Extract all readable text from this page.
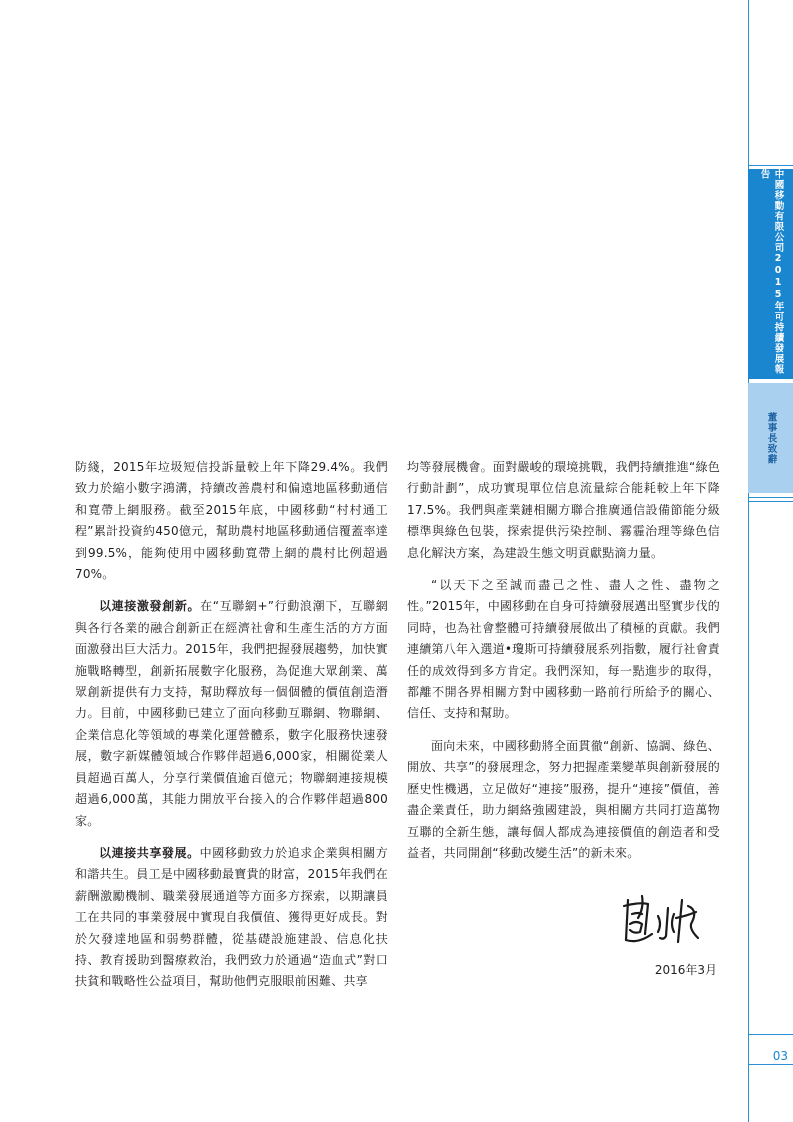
防綫，2015年垃圾短信投訴量較上年下降29.4%。我們致力於縮小數字鴻溝，持續改善農村和偏遠地區移動通信和寬帶上網服務。截至2015年底，中國移動“村村通工程”累計投資約450億元，幫助農村地區移動通信覆蓋率達到99.5%，能夠使用中國移動寬帶上網的農村比例超過70%。

以連接激發創新。在“互聯網+”行動浪潮下，互聯網與各行各業的融合創新正在經濟社會和生產生活的方方面面激發出巨大活力。2015年，我們把握發展趨勢，加快實施戰略轉型，創新拓展數字化服務，為促進大眾創業、萬眾創新提供有力支持，幫助釋放每一個個體的價值創造潛力。目前，中國移動已建立了面向移動互聯網、物聯網、企業信息化等領域的專業化運營體系，數字化服務快速發展，數字新媒體領域合作夥伴超過6,000家，相關從業人員超過百萬人，分享行業價值逾百億元；物聯網連接規模超過6,000萬，其能力開放平台接入的合作夥伴超過800家。

以連接共享發展。中國移動致力於追求企業與相關方和諧共生。員工是中國移動最寶貴的財富，2015年我們在薪酬激勵機制、職業發展通道等方面多方探索，以期讓員工在共同的事業發展中實現自我價值、獲得更好成長。對於欠發達地區和弱勢群體，從基礎設施建設、信息化扶持、教育援助到醫療救治，我們致力於通過“造血式”對口扶貧和戰略性公益項目，幫助他們克服眼前困難、共享

均等發展機會。面對嚴峻的環境挑戰，我們持續推進“綠色行動計劃”，成功實現單位信息流量綜合能耗較上年下降17.5%。我們與產業鏈相關方聯合推廣通信設備節能分級標準與綠色包裝，探索提供污染控制、霧霾治理等綠色信息化解決方案，為建設生態文明貢獻點滴力量。

“以天下之至誠而盡己之性、盡人之性、盡物之性。”2015年，中國移動在自身可持續發展邁出堅實步伐的同時，也為社會整體可持續發展做出了積極的貢獻。我們連續第八年入選道•瓊斯可持續發展系列指數，履行社會責任的成效得到多方肯定。我們深知，每一點進步的取得，都離不開各界相關方對中國移動一路前行所給予的關心、信任、支持和幫助。

面向未來，中國移動將全面貫徹“創新、協調、綠色、開放、共享”的發展理念，努力把握產業變革與創新發展的歷史性機遇，立足做好“連接”服務，提升“連接”價值，善盡企業責任，助力網絡強國建設，與相關方共同打造萬物互聯的全新生態，讓每個人都成為連接價值的創造者和受益者，共同開創“移動改變生活”的新未來。

2016年3月
中國移動有限公司2015年可持續發展報告
董事長致辭
03
